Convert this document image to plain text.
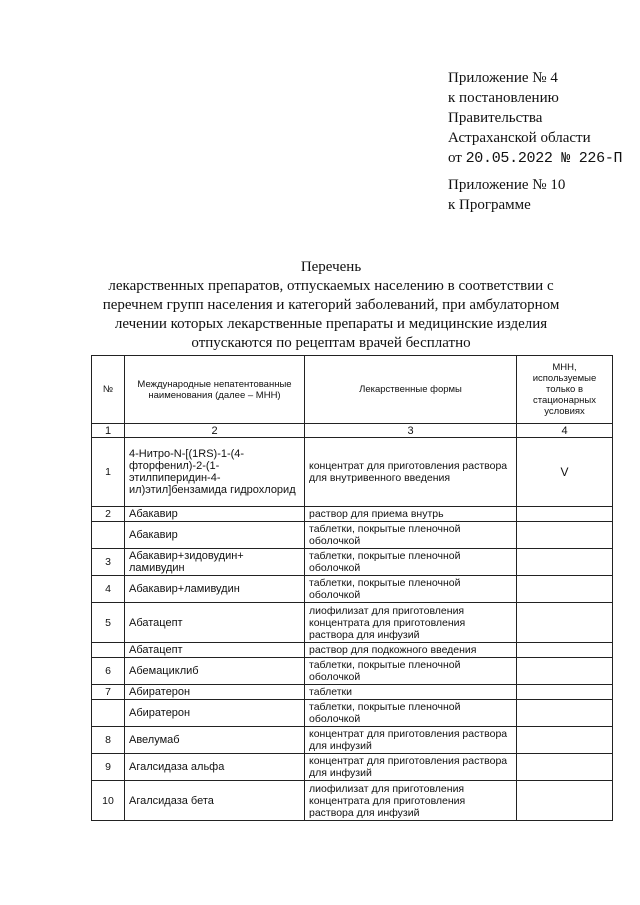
Приложение № 4
к постановлению
Правительства
Астраханской области
от 20.05.2022 № 226-П
Приложение № 10
к Программе
Перечень
лекарственных препаратов, отпускаемых населению в соответствии с перечнем групп населения и категорий заболеваний, при амбулаторном лечении которых лекарственные препараты и медицинские изделия отпускаются по рецептам врачей бесплатно
№	Международные непатентованные наименования (далее – МНН)	Лекарственные формы	МНН, используемые только в стационарных условиях
1	2	3	4
1	4-Нитро-N-[(1RS)-1-(4-фторфенил)-2-(1-этилпиперидин-4-ил)этил]бензамида гидрохлорид	концентрат для приготовления раствора для внутривенного введения	V
2	Абакавир	раствор для приема внутрь	
	Абакавир	таблетки, покрытые пленочной оболочкой	
3	Абакавир+зидовудин+ ламивудин	таблетки, покрытые пленочной оболочкой	
4	Абакавир+ламивудин	таблетки, покрытые пленочной оболочкой	
5	Абатацепт	лиофилизат для приготовления концентрата для приготовления раствора для инфузий	
	Абатацепт	раствор для подкожного введения	
6	Абемациклиб	таблетки, покрытые пленочной оболочкой	
7	Абиратерон	таблетки	
	Абиратерон	таблетки, покрытые пленочной оболочкой	
8	Авелумаб	концентрат для приготовления раствора для инфузий	
9	Агалсидаза альфа	концентрат для приготовления раствора для инфузий	
10	Агалсидаза бета	лиофилизат для приготовления концентрата для приготовления раствора для инфузий	
